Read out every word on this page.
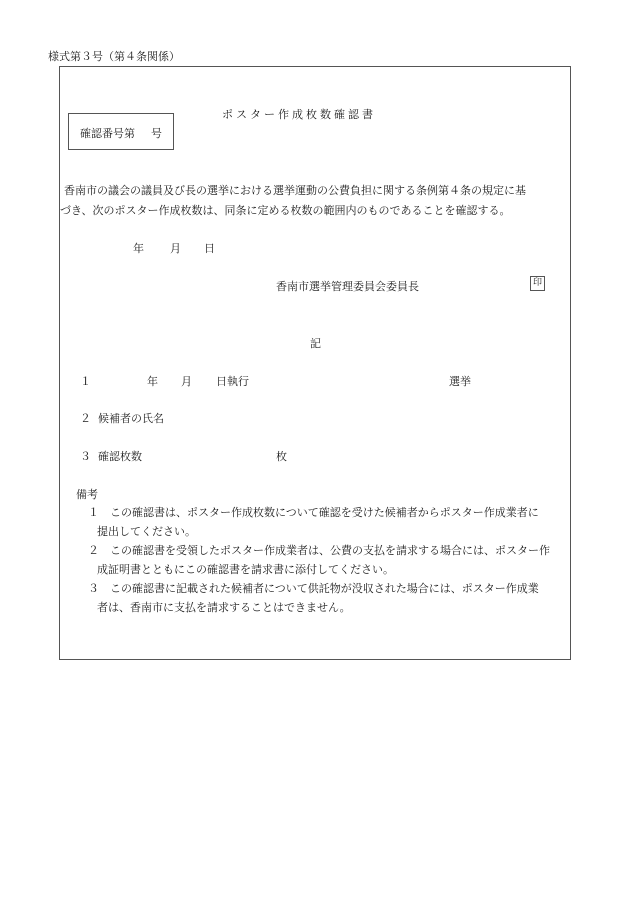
様式第３号（第４条関係）
確認番号第 号
ポスター作成枚数確認書
香南市の議会の議員及び長の選挙における選挙運動の公費負担に関する条例第４条の規定に基
づき、次のポスター作成枚数は、同条に定める枚数の範囲内のものであることを確認する。
年 月 日
香南市選挙管理委員会委員長	印
記
１	年 月 日執行	選挙
２ 候補者の氏名
３ 確認枚数	枚
備考
１　この確認書は、ポスター作成枚数について確認を受けた候補者からポスター作成業者に
提出してください。
２　この確認書を受領したポスター作成業者は、公費の支払を請求する場合には、ポスター作
成証明書とともにこの確認書を請求書に添付してください。
３　この確認書に記載された候補者について供託物が没収された場合には、ポスター作成業
者は、香南市に支払を請求することはできません。
